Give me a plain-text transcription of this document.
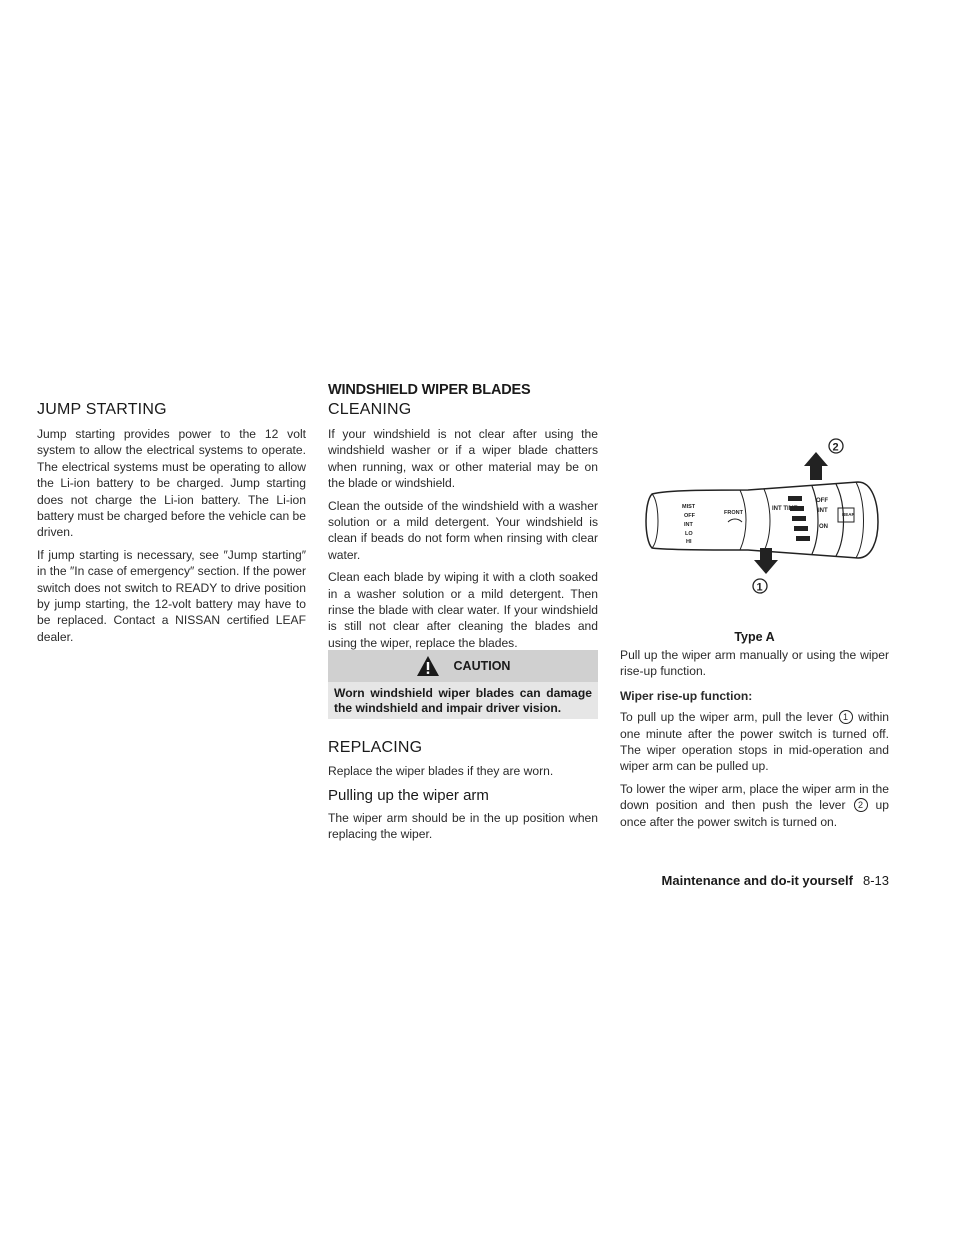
JUMP STARTING

Jump starting provides power to the 12 volt system to allow the electrical systems to operate. The electrical systems must be operating to allow the Li-ion battery to be charged. Jump starting does not charge the Li-ion battery. The Li-ion battery must be charged before the vehicle can be driven.

If jump starting is necessary, see ″Jump starting″ in the ″In case of emergency″ section. If the power switch does not switch to READY to drive position by jump starting, the 12-volt battery may have to be replaced. Contact a NISSAN certified LEAF dealer.

WINDSHIELD WIPER BLADES
CLEANING

If your windshield is not clear after using the windshield washer or if a wiper blade chatters when running, wax or other material may be on the blade or windshield.

Clean the outside of the windshield with a washer solution or a mild detergent. Your windshield is clean if beads do not form when rinsing with clear water.

Clean each blade by wiping it with a cloth soaked in a washer solution or a mild detergent. Then rinse the blade with clear water. If your windshield is still not clear after cleaning the blades and using the wiper, replace the blades.

CAUTION
Worn windshield wiper blades can damage the windshield and impair driver vision.
REPLACING

Replace the wiper blades if they are worn.

Pulling up the wiper arm

The wiper arm should be in the up position when replacing the wiper.

MIST
OFF
INT
LO
HI
FRONT
INT TIME
OFF
INT
ON
REAR
2
1
Type A

Pull up the wiper arm manually or using the wiper rise-up function.

Wiper rise-up function:

To pull up the wiper arm, pull the lever 1 within one minute after the power switch is turned off. The wiper operation stops in mid-operation and wiper arm can be pulled up.

To lower the wiper arm, place the wiper arm in the down position and then push the lever 2 up once after the power switch is turned on.

Maintenance and do-it yourself 8-13
